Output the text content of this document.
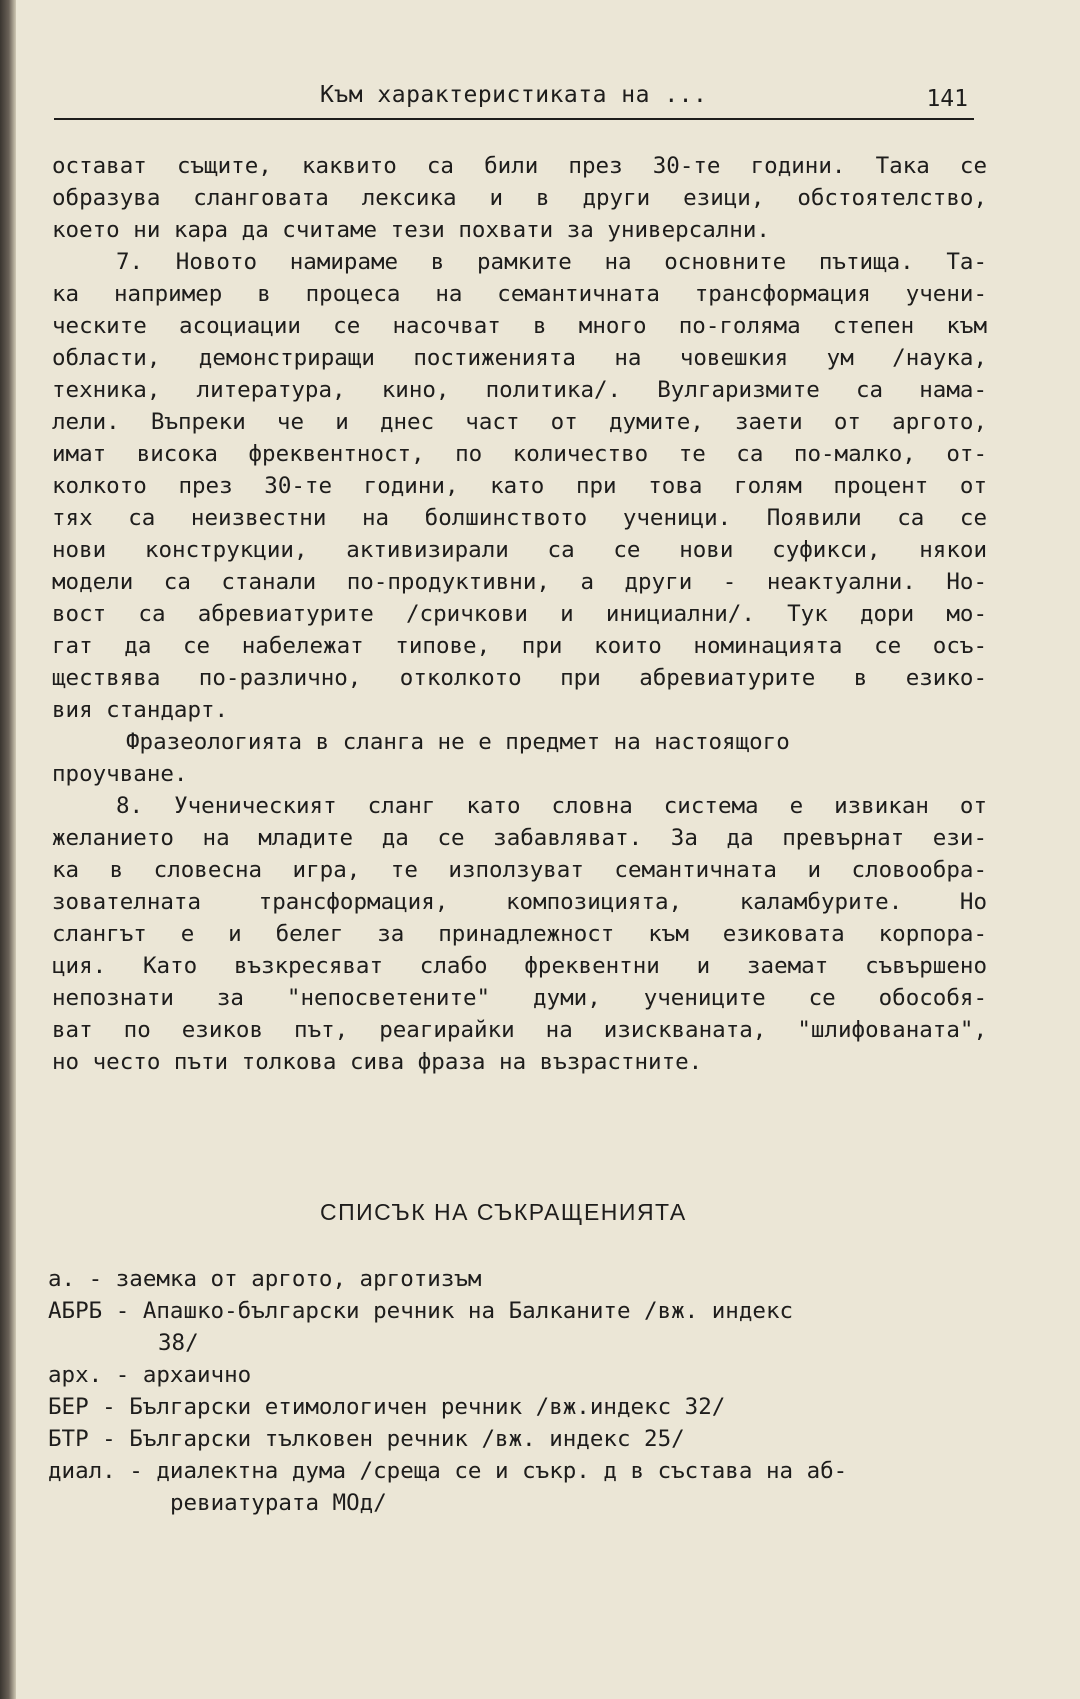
Към характеристиката на ...	141
остават същите, каквито са били през 30-те години. Така се
образува сланговата лексика и в други езици, обстоятелство,
което ни кара да считаме тези похвати за универсални.
7. Новото намираме в рамките на основните пътища. Та-
ка например в процеса на семантичната трансформация учени-
ческите асоциации се насочват в много по-голяма степен към
области, демонстриращи постиженията на човешкия ум /наука,
техника, литература, кино, политика/. Вулгаризмите са нама-
лели. Въпреки че и днес част от думите, заети от аргото,
имат висока фреквентност, по количество те са по-малко, от-
колкото през 30-те години, като при това голям процент от
тях са неизвестни на болшинството ученици. Появили са се
нови конструкции, активизирали са се нови суфикси, някои
модели са станали по-продуктивни, а други - неактуални. Но-
вост са абревиатурите /сричкови и инициални/. Тук дори мо-
гат да се набележат типове, при които номинацията се осъ-
ществява по-различно, отколкото при абревиатурите в езико-
вия стандарт.
Фразеологията в сланга не е предмет на настоящого
проучване.
8. Ученическият сланг като словна система е извикан от
желанието на младите да се забавляват. За да превърнат ези-
ка в словесна игра, те използуват семантичната и словообра-
зователната трансформация, композицията, каламбурите. Но
слангът е и белег за принадлежност към езиковата корпора-
ция. Като възкресяват слабо фреквентни и заемат съвършено
непознати за "непосветените" думи, учениците се обособя-
ват по езиков път, реагирайки на изискваната, "шлифованата",
но често пъти толкова сива фраза на възрастните.
СПИСЪК НА СЪКРАЩЕНИЯТА
а. - заемка от аргото, арготизъм
АБРБ - Апашко-български речник на Балканите /вж. индекс
38/
арх. - архаично
БЕР - Български етимологичен речник /вж.индекс 32/
БТР - Български тълковен речник /вж. индекс 25/
диал. - диалектна дума /среща се и съкр. д в състава на аб-
ревиатурата МОд/
